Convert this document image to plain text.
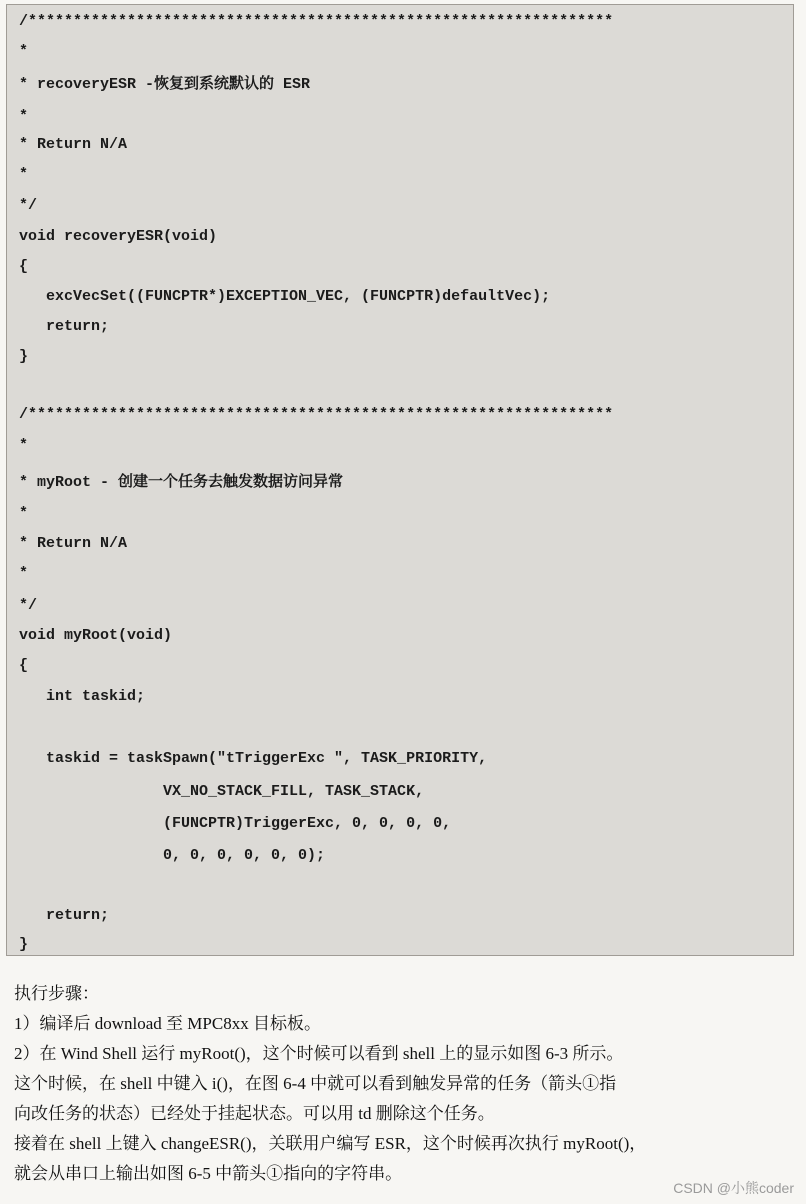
/*****************************************************************
*
* recoveryESR -恢复到系统默认的 ESR
*
* Return N/A
*
*/
void recoveryESR(void)
{
excVecSet((FUNCPTR*)EXCEPTION_VEC, (FUNCPTR)defaultVec);
return;
}
/*****************************************************************
*
* myRoot - 创建一个任务去触发数据访问异常
*
* Return N/A
*
*/
void myRoot(void)
{
int taskid;
taskid = taskSpawn("tTriggerExc ", TASK_PRIORITY,
VX_NO_STACK_FILL, TASK_STACK,
(FUNCPTR)TriggerExc, 0, 0, 0, 0,
0, 0, 0, 0, 0, 0);
return;
}
执行步骤：
1）编译后 download 至 MPC8xx 目标板。
2）在 Wind Shell 运行 myRoot()，这个时候可以看到 shell 上的显示如图 6-3 所示。
这个时候，在 shell 中键入 i()，在图 6-4 中就可以看到触发异常的任务（箭头①指
向改任务的状态）已经处于挂起状态。可以用 td 删除这个任务。
接着在 shell 上键入 changeESR()，关联用户编写 ESR，这个时候再次执行 myRoot()，
就会从串口上输出如图 6-5 中箭头①指向的字符串。
CSDN @小熊coder
